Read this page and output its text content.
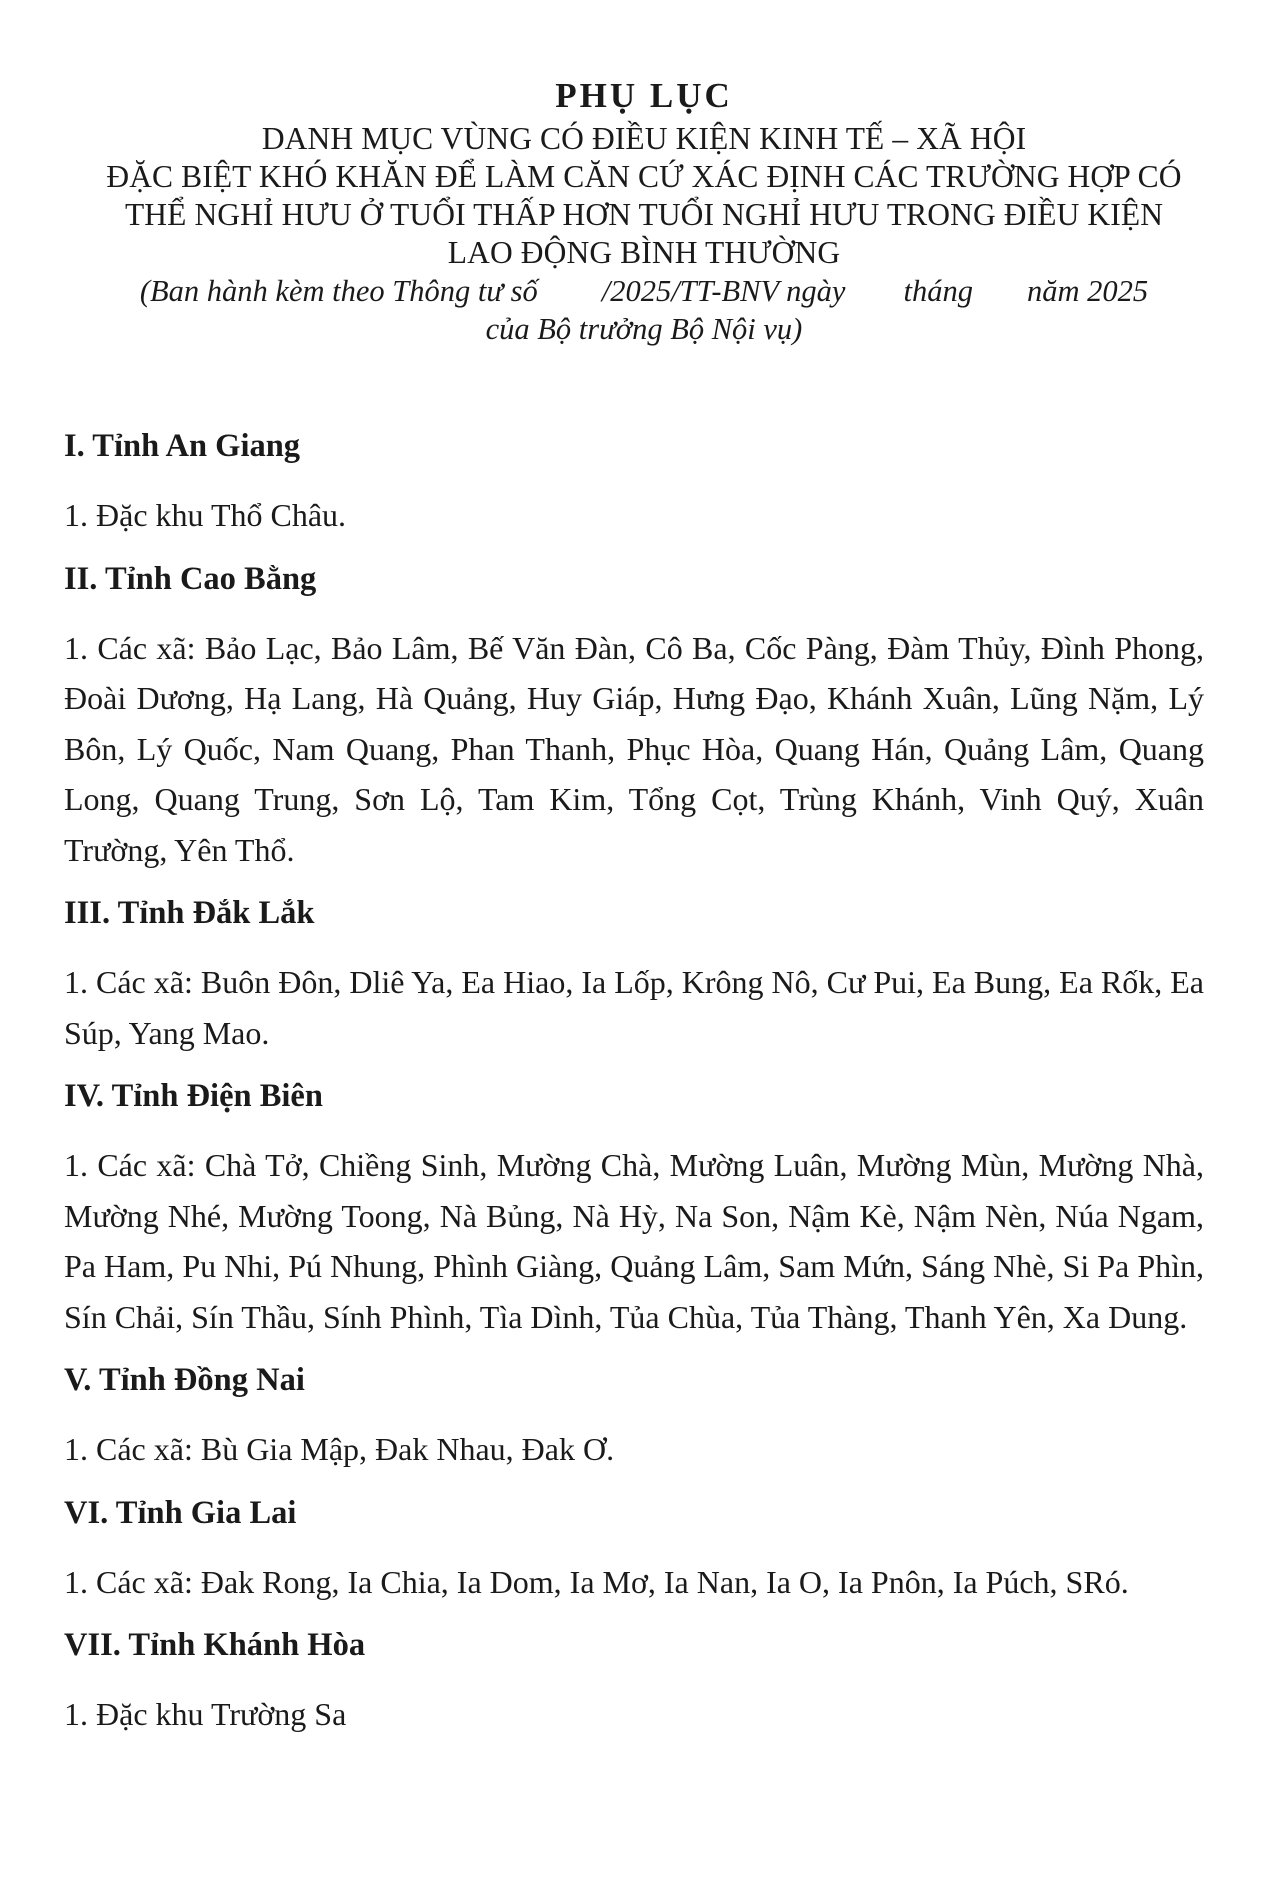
PHỤ LỤC

DANH MỤC VÙNG CÓ ĐIỀU KIỆN KINH TẾ – XÃ HỘI

ĐẶC BIỆT KHÓ KHĂN ĐỂ LÀM CĂN CỨ XÁC ĐỊNH CÁC TRƯỜNG HỢP CÓ

THỂ NGHỈ HƯU Ở TUỔI THẤP HƠN TUỔI NGHỈ HƯU TRONG ĐIỀU KIỆN

LAO ĐỘNG BÌNH THƯỜNG

(Ban hành kèm theo Thông tư số /2025/TT-BNV ngày tháng năm 2025

của Bộ trưởng Bộ Nội vụ)

I. Tỉnh An Giang

1. Đặc khu Thổ Châu.

II. Tỉnh Cao Bằng

1. Các xã: Bảo Lạc, Bảo Lâm, Bế Văn Đàn, Cô Ba, Cốc Pàng, Đàm Thủy, Đình Phong, Đoài Dương, Hạ Lang, Hà Quảng, Huy Giáp, Hưng Đạo, Khánh Xuân, Lũng Nặm, Lý Bôn, Lý Quốc, Nam Quang, Phan Thanh, Phục Hòa, Quang Hán, Quảng Lâm, Quang Long, Quang Trung, Sơn Lộ, Tam Kim, Tổng Cọt, Trùng Khánh, Vinh Quý, Xuân Trường, Yên Thổ.

III. Tỉnh Đắk Lắk

1. Các xã: Buôn Đôn, Dliê Ya, Ea Hiao, Ia Lốp, Krông Nô, Cư Pui, Ea Bung, Ea Rốk, Ea Súp, Yang Mao.

IV. Tỉnh Điện Biên

1. Các xã: Chà Tở, Chiềng Sinh, Mường Chà, Mường Luân, Mường Mùn, Mường Nhà, Mường Nhé, Mường Toong, Nà Bủng, Nà Hỳ, Na Son, Nậm Kè, Nậm Nèn, Núa Ngam, Pa Ham, Pu Nhi, Pú Nhung, Phình Giàng, Quảng Lâm, Sam Mứn, Sáng Nhè, Si Pa Phìn, Sín Chải, Sín Thầu, Sính Phình, Tìa Dình, Tủa Chùa, Tủa Thàng, Thanh Yên, Xa Dung.

V. Tỉnh Đồng Nai

1. Các xã: Bù Gia Mập, Đak Nhau, Đak Ơ.

VI. Tỉnh Gia Lai

1. Các xã: Đak Rong, Ia Chia, Ia Dom, Ia Mơ, Ia Nan, Ia O, Ia Pnôn, Ia Púch, SRó.

VII. Tỉnh Khánh Hòa

1. Đặc khu Trường Sa
